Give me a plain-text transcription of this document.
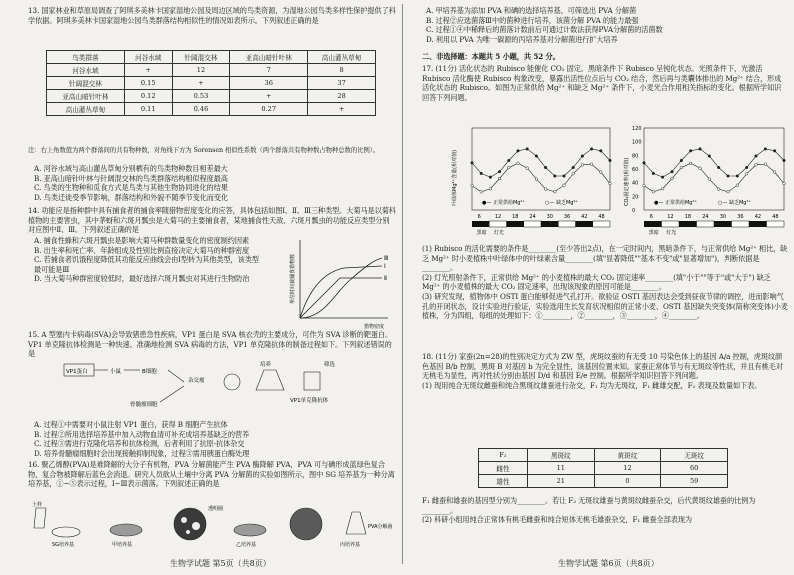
13. 国家林业和草原局调查了阿琪多美林卡国家湿地公园及周边区域的鸟类资源，为湿地公园鸟类多样性保护提供了科学依据。阿琪多美林卡国家湿地公园鸟类群落结构相似性的情况如表所示。下列叙述正确的是

鸟类群落	河谷水域	针阔混交林	亚高山暗针叶林	高山灌丛草甸
河谷水域	+	12	7	8
针阔混交林	0.15	+	36	37
亚高山暗针叶林	0.12	0.53	+	28
高山灌丛草甸	0.11	0.46	0.27	+

注：右上角数值为两个群落间的共有物种数，对角线下方为 Sorensen 相似性系数（两个群落共有物种数占物种总数的比例）。

A. 河谷水域与高山灌丛草甸分别栖有的鸟类物种数目相差最大

B. 亚高山暗针叶林与针阔混交林的鸟类群落结构相似程度最高

C. 鸟类的生物种和觅食方式是鸟类与其他生物协同进化的结果

D. 鸟类迁徙受季节影响，群落结构和外貌不随季节变化而变化

14. 功能应是指种群中具有捕食者的捕食率随猎物密度变化的应答，具体包括如图Ⅰ、Ⅱ、Ⅲ三种类型。大菊马是以菊科植物的主要害虫，其中茅蚜和六斑月瓢虫是大菊马的主要捕食者，某地捕食性天敌、六斑月瓢虫的功能反应类型分别对应图中Ⅱ、Ⅲ。下列叙述正确的是

A. 捕食性蜂和六斑月瓢虫是影响大菊马种群数量变化的密度制约因素

B. 出生率和死亡率、年龄组成及性别比例直接决定大菊马的种群密度

C. 若捕食者饥饿程度降低其功能反应曲线会由Ⅰ型转为其他类型，该类型最可能是Ⅲ

D. 当大菊马种群密度较低时，最好选择六斑月瓢虫对其进行生物防治

Ⅲ
Ⅰ
Ⅱ
单位时间被捕食猎物数
猎物密度

15. A 型塞内卡病毒(SVA)会导致猪患急性疾病，VP1 蛋白是 SVA 核衣壳的主要成分，可作为 SVA 诊断的靶蛋白。VP1 单克隆抗体检测是一种快速、准确地检测 SVA 病毒的方法，VP1 单克隆抗体的制备过程如下。下列叙述错误的是

VP1蛋白	小鼠	B细胞
骨髓瘤细胞
杂交瘤
培养	筛选
VP1单克隆抗体

A. 过程①中需要对小鼠注射 VP1 蛋白，获得 B 细胞产生抗体

B. 过程②所用选择培养基中加入动物血清可补充成培养基缺乏的营养

C. 过程③需进行克隆化培养和抗体检测，后者利用了抗原-抗体杂交

D. 培养骨髓瘤细胞时会出现接触抑制现象，过程③需用胰蛋白酶处理

16. 聚乙烯醇(PVA)是难降解的大分子有机物，PVA 分解菌能产生 PVA 酶降解 PVA，PVA 可与碘形成蓝绿色复合物，复合物被降解后蓝色会消退。研究人员欲从土壤中分离 PVA 分解菌的实验如图所示，图中 SG 培养基为一种分离培养基，①~⑤表示过程，Ⅰ~Ⅲ表示菌落。下列叙述正确的是

土样
SG培养基	甲培养基
透明圈
乙培养基	丙培养基
PVA分解菌
生物学试题 第5页（共8页）

A. 甲培养基为添加 PVA 和碘的选择培养基，可筛选出 PVA 分解菌

B. 过程②应选菌落Ⅲ中的菌种进行培养，该菌分解 PVA 的能力最强

C. 过程①④中稀释后的菌落计数前后可通过计数法获得PVA分解菌的活菌数

D. 利用以 PVA 为唯一碳源的丙培养基对分解菌进行扩大培养

二、非选择题：本题共 5 小题，共 52 分。

17. (11分) 活化状态的 Rubisco 能催化 CO₂ 固定。黑暗条件下 Rubisco 呈钝化状态。光照条件下，光激活 Rubisco 活化酶使 Rubisco 构象改变，暴露出活性位点后与 CO₂ 结合，然后再与类囊体排出的 Mg²⁺ 结合，形成活化状态的 Rubisco。如图为正常供给 Mg²⁺ 和缺乏 Mg²⁺ 条件下，小麦光合作用相关指标的变化。根据所学知识回答下列问题。

6	12 18 24 30 36 42 48
叶绿体Mg²⁺含量(相对值)
黑暗 灯光
●— 正常供给Mg²⁺	○— 缺乏Mg²⁺
6	12 18 24 30 36 42 48
0
20
40
60
80
100
120
CO₂固定速率(相对值)
黑暗 灯光
●— 正常供给Mg²⁺	○— 缺乏Mg²⁺

(1) Rubisco 的活化需要的条件是________(至少答出2点)，在一定时间内，黑暗条件下，与正常供给 Mg²⁺ 相比，缺乏 Mg²⁺ 时小麦植株中叶绿体中的叶绿素含量________(填"显著降低""基本不变"或"显著增加")，判断依据是________。

(2) 灯光照射条件下，正常供给 Mg²⁺ 的小麦植株的最大 CO₂ 固定速率________(填"小于""等于"或"大于") 缺乏 Mg²⁺ 的小麦植株的最大 CO₂ 固定速率，出现该现象的原因可能是________。

(3) 研究发现，植物体中 OSTI 蛋白能够促进气孔打开。欲验证 OSTI 基因表达会受到昼夜节律的调控，进而影响气孔的开闭状态，设计实验进行验证，实验选用生长发育状况相似的正常小麦、OSTI 基因缺失突变体(简称突变体)小麦植株，分为四组，每组的处理如下：①________，②________，③________，④________。

18. (11分) 家蚕(2n=28)的性别决定方式为 ZW 型，虎斑纹蚕的有无受 10 号染色体上的基因 A/a 控制，虎斑纹颜色基因 B/b 控制，黑斑 B 对基因 b 为完全显性，该基因位置未知。家蚕正常体节与有无斑纹等性状，并且有桃毛对无桃毛为显性，两对性状分别由基因 D/d 和基因 E/e 控制。根据所学知识回答下列问题。

(1) 现用纯合无斑纹雌蚕和纯合黑斑纹雄蚕进行杂交，F₁ 均为无斑纹，F₁ 雌雄交配，F₂ 表现及数量如下表。

F₂	黑斑纹	黄斑纹	无斑纹
雌性	11	12	60
雄性	21	0	59

F₁ 雌蚕和雄蚕的基因型分别为________。若让 F₂ 无斑纹雄蚕与黄斑纹雌蚕杂交，后代黄斑纹雄蚕的比例为________。

(2) 科研小组用纯合正常体有桃毛雌蚕和纯合短体无桃毛雄蚕杂交，F₁ 雌蚕全部表现为

生物学试题 第6页（共8页）
